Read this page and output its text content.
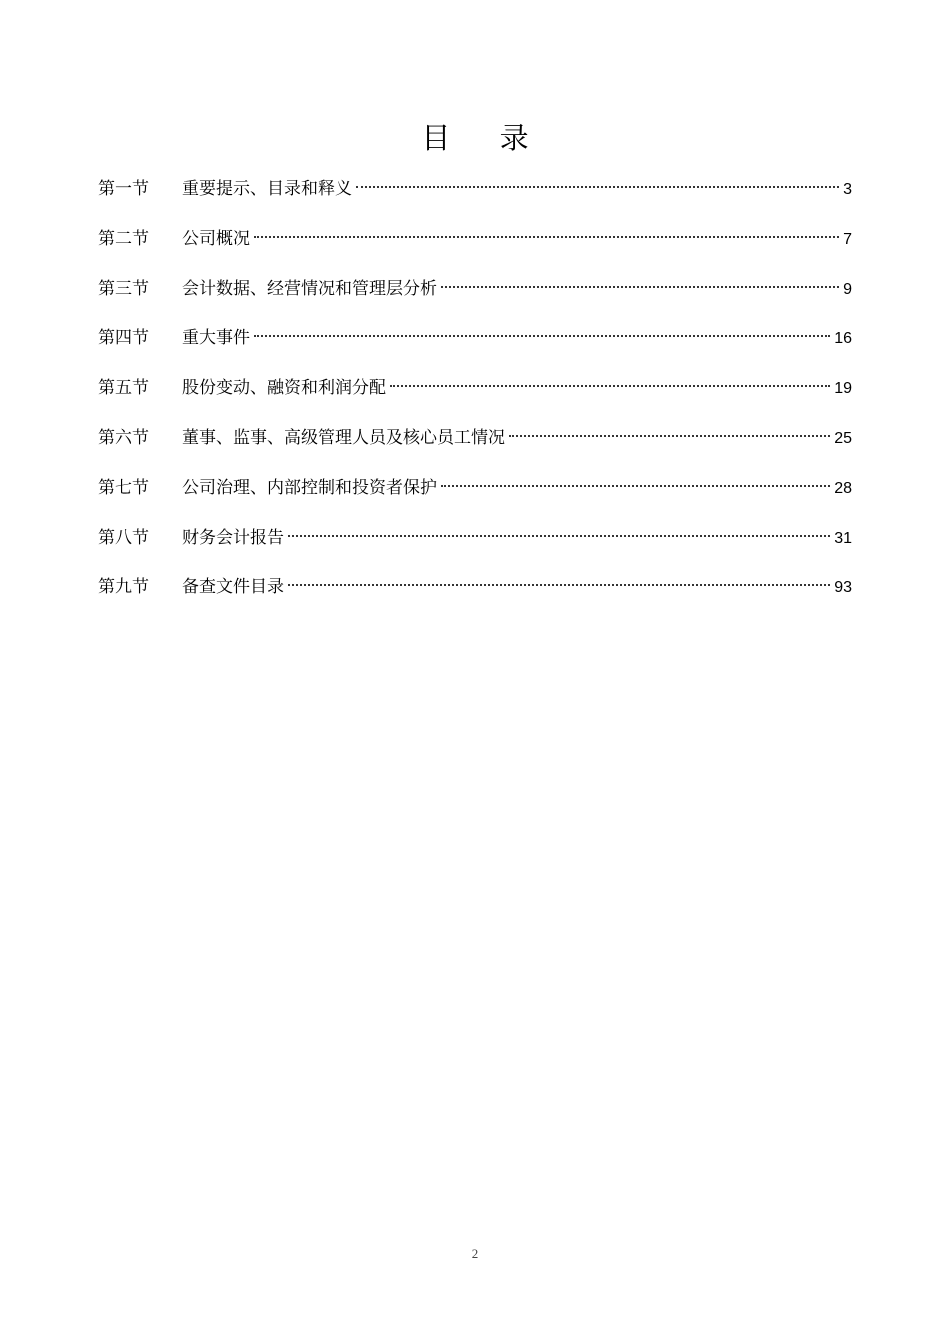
目 录
第一节	重要提示、目录和释义	3
第二节	公司概况	7
第三节	会计数据、经营情况和管理层分析	9
第四节	重大事件	16
第五节	股份变动、融资和利润分配	19
第六节	董事、监事、高级管理人员及核心员工情况	25
第七节	公司治理、内部控制和投资者保护	28
第八节	财务会计报告	31
第九节	备查文件目录	93
2
